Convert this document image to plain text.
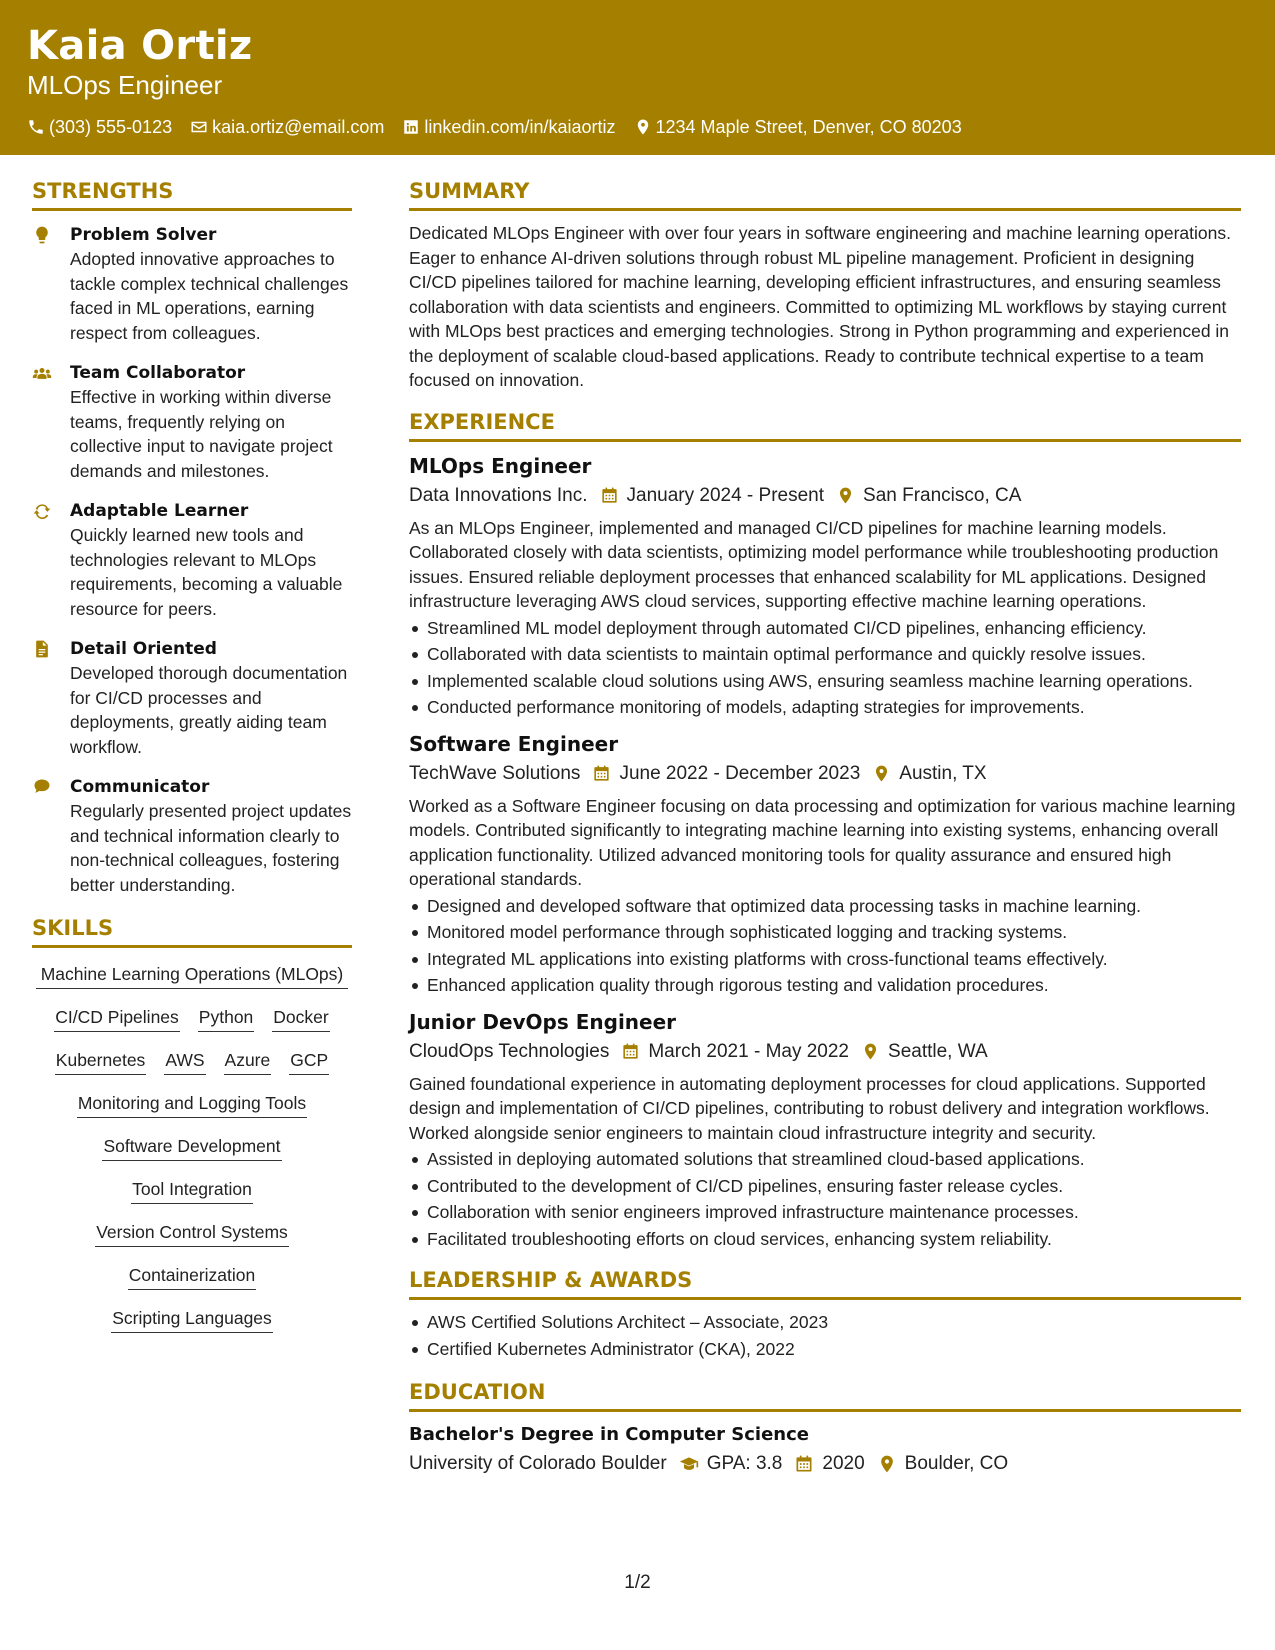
Kaia Ortiz
MLOps Engineer
(303) 555-0123 kaia.ortiz@email.com linkedin.com/in/kaiaortiz 1234 Maple Street, Denver, CO 80203
STRENGTHS
Problem Solver
Adopted innovative approaches to tackle complex technical challenges faced in ML operations, earning respect from colleagues.
Team Collaborator
Effective in working within diverse teams, frequently relying on collective input to navigate project demands and milestones.
Adaptable Learner
Quickly learned new tools and technologies relevant to MLOps requirements, becoming a valuable resource for peers.
Detail Oriented
Developed thorough documentation for CI/CD processes and deployments, greatly aiding team workflow.
Communicator
Regularly presented project updates and technical information clearly to non-technical colleagues, fostering better understanding.
SKILLS
Machine Learning Operations (MLOps)
CI/CD Pipelines Python Docker
Kubernetes AWS Azure GCP
Monitoring and Logging Tools
Software Development
Tool Integration
Version Control Systems
Containerization
Scripting Languages
SUMMARY
Dedicated MLOps Engineer with over four years in software engineering and machine learning operations. Eager to enhance AI-driven solutions through robust ML pipeline management. Proficient in designing CI/CD pipelines tailored for machine learning, developing efficient infrastructures, and ensuring seamless collaboration with data scientists and engineers. Committed to optimizing ML workflows by staying current with MLOps best practices and emerging technologies. Strong in Python programming and experienced in the deployment of scalable cloud-based applications. Ready to contribute technical expertise to a team focused on innovation.
EXPERIENCE
MLOps Engineer
Data Innovations Inc. January 2024 - Present San Francisco, CA
As an MLOps Engineer, implemented and managed CI/CD pipelines for machine learning models. Collaborated closely with data scientists, optimizing model performance while troubleshooting production issues. Ensured reliable deployment processes that enhanced scalability for ML applications. Designed infrastructure leveraging AWS cloud services, supporting effective machine learning operations.
Streamlined ML model deployment through automated CI/CD pipelines, enhancing efficiency.
Collaborated with data scientists to maintain optimal performance and quickly resolve issues.
Implemented scalable cloud solutions using AWS, ensuring seamless machine learning operations.
Conducted performance monitoring of models, adapting strategies for improvements.
Software Engineer
TechWave Solutions June 2022 - December 2023 Austin, TX
Worked as a Software Engineer focusing on data processing and optimization for various machine learning models. Contributed significantly to integrating machine learning into existing systems, enhancing overall application functionality. Utilized advanced monitoring tools for quality assurance and ensured high operational standards.
Designed and developed software that optimized data processing tasks in machine learning.
Monitored model performance through sophisticated logging and tracking systems.
Integrated ML applications into existing platforms with cross-functional teams effectively.
Enhanced application quality through rigorous testing and validation procedures.
Junior DevOps Engineer
CloudOps Technologies March 2021 - May 2022 Seattle, WA
Gained foundational experience in automating deployment processes for cloud applications. Supported design and implementation of CI/CD pipelines, contributing to robust delivery and integration workflows. Worked alongside senior engineers to maintain cloud infrastructure integrity and security.
Assisted in deploying automated solutions that streamlined cloud-based applications.
Contributed to the development of CI/CD pipelines, ensuring faster release cycles.
Collaboration with senior engineers improved infrastructure maintenance processes.
Facilitated troubleshooting efforts on cloud services, enhancing system reliability.
LEADERSHIP & AWARDS
AWS Certified Solutions Architect – Associate, 2023
Certified Kubernetes Administrator (CKA), 2022
EDUCATION
Bachelor's Degree in Computer Science
University of Colorado Boulder GPA: 3.8 2020 Boulder, CO
1/2
